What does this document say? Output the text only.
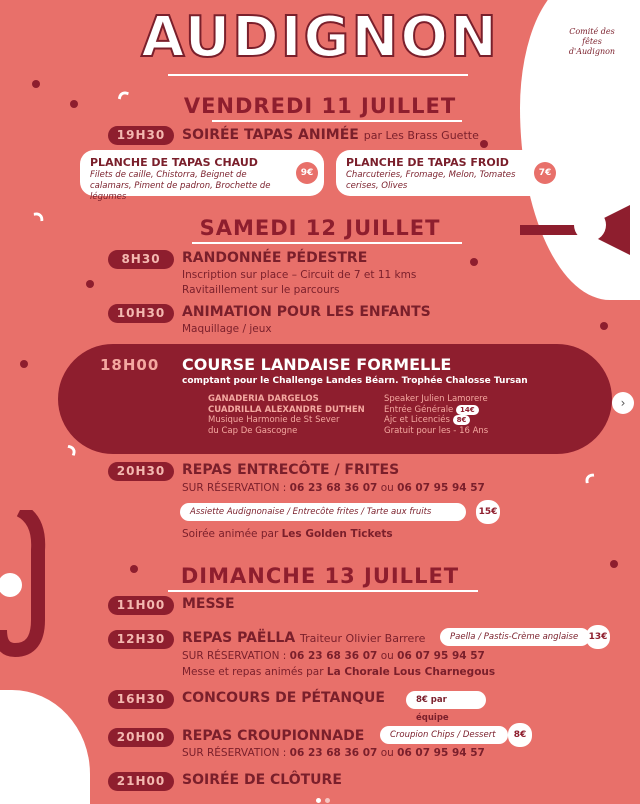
Comité des fêtes d'Audignon
AUDIGNON
VENDREDI 11 JUILLET
19H30	SOIRÉE TAPAS ANIMÉE par Les Brass Guette
PLANCHE DE TAPAS CHAUD

Filets de caille, Chistorra, Beignet de calamars, Piment de padron, Brochette de légumes

9€
PLANCHE DE TAPAS FROID

Charcuteries, Fromage, Melon, Tomates cerises, Olives

7€
SAMEDI 12 JUILLET
8H30	RANDONNÉE PÉDESTRE
Inscription sur place – Circuit de 7 et 11 kms
Ravitaillement sur le parcours
10H30	ANIMATION POUR LES ENFANTS
Maquillage / jeux
18H00 COURSE LANDAISE FORMELLE
comptant pour le Challenge Landes Béarn. Trophée Chalosse Tursan
GANADERIA DARGELOS
CUADRILLA ALEXANDRE DUTHEN
Musique Harmonie de St Sever
du Cap De Gascogne
Speaker Julien Lamorere
Entrée Générale 14€
Ajc et Licenciés 8€
Gratuit pour les - 16 Ans
›
20H30	REPAS ENTRECÔTE / FRITES
SUR RÉSERVATION : 06 23 68 36 07 ou 06 07 95 94 57
Assiette Audignonaise / Entrecôte frites / Tarte aux fruits	15€
Soirée animée par Les Golden Tickets
DIMANCHE 13 JUILLET
11H00	MESSE
12H30	REPAS PAËLLA Traiteur Olivier Barrere	Paella / Pastis-Crème anglaise	13€
SUR RÉSERVATION : 06 23 68 36 07 ou 06 07 95 94 57
Messe et repas animés par La Chorale Lous Charnegous
16H30	CONCOURS DE PÉTANQUE	8€ par équipe
20H00	REPAS CROUPIONNADE	Croupion Chips / Dessert	8€
SUR RÉSERVATION : 06 23 68 36 07 ou 06 07 95 94 57
21H00	SOIRÉE DE CLÔTURE
